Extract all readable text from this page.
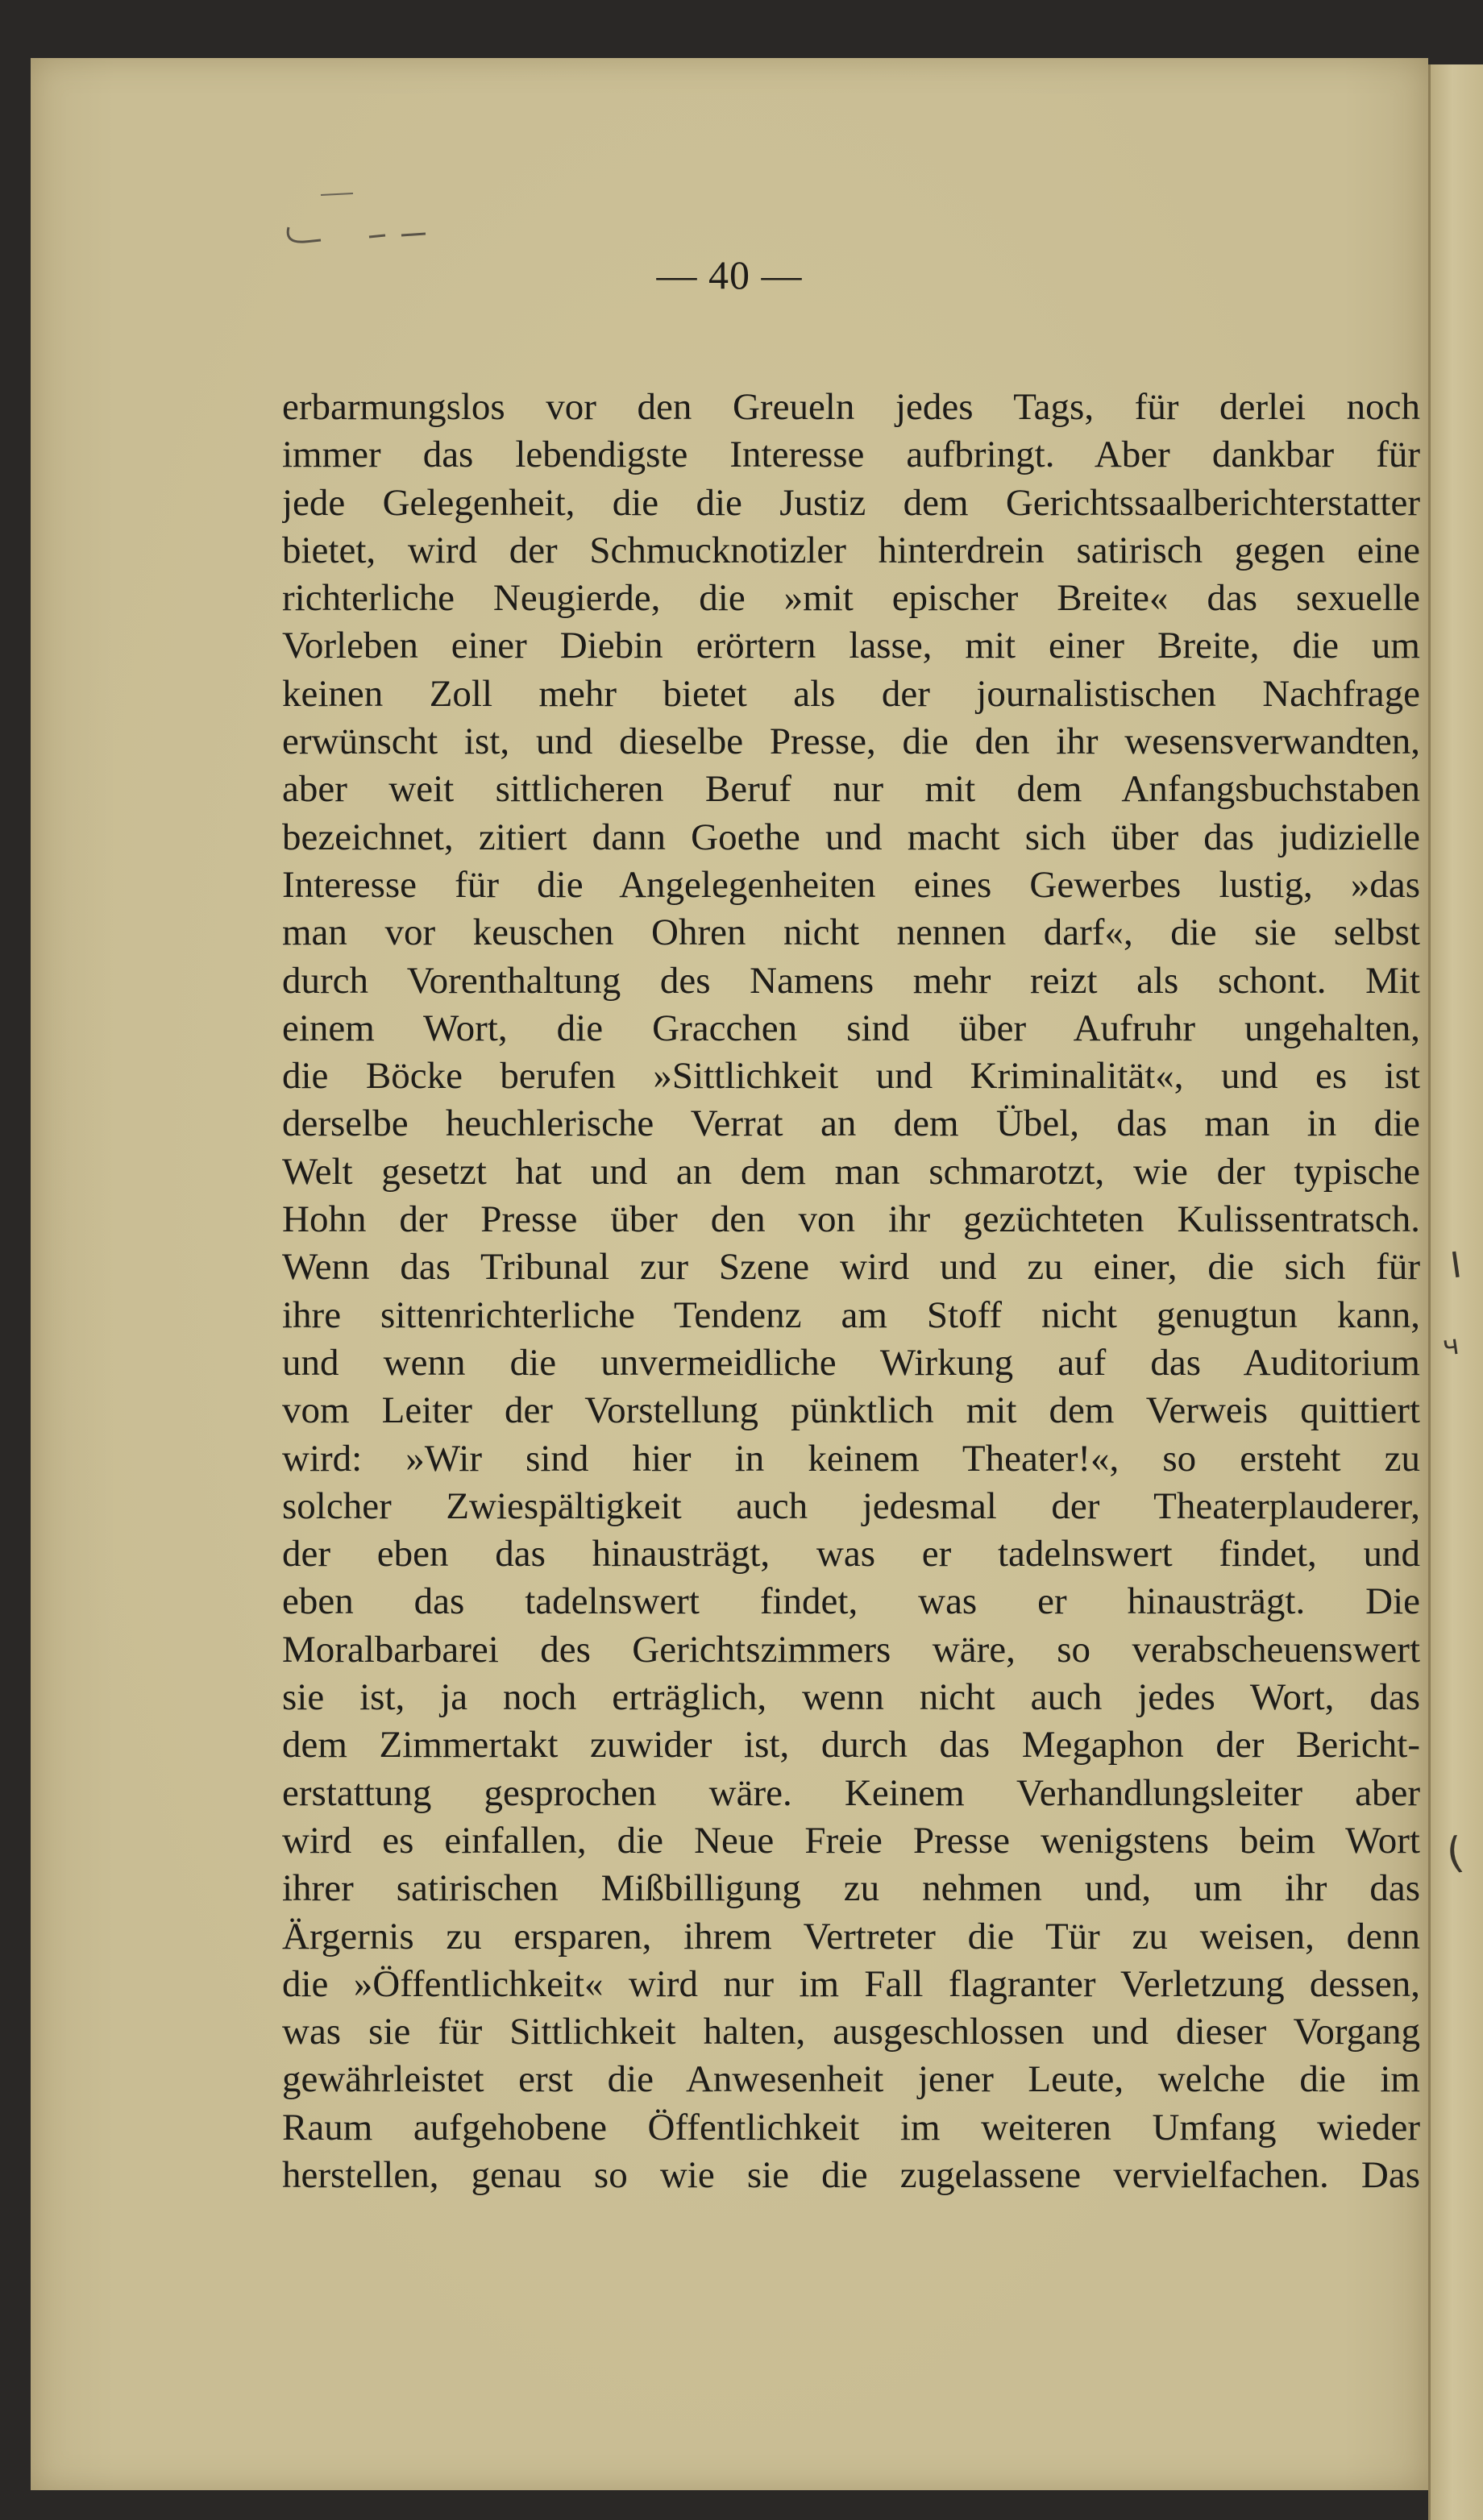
— 40 —
erbarmungslos vor den Greueln jedes Tags, für derlei noch
immer das lebendigste Interesse aufbringt. Aber dankbar für
jede Gelegenheit, die die Justiz dem Gerichtssaalberichterstatter
bietet, wird der Schmucknotizler hinterdrein satirisch gegen eine
richterliche Neugierde, die »mit epischer Breite« das sexuelle
Vorleben einer Diebin erörtern lasse, mit einer Breite, die um
keinen Zoll mehr bietet als der journalistischen Nachfrage
erwünscht ist, und dieselbe Presse, die den ihr wesensverwandten,
aber weit sittlicheren Beruf nur mit dem Anfangsbuchstaben
bezeichnet, zitiert dann Goethe und macht sich über das judizielle
Interesse für die Angelegenheiten eines Gewerbes lustig, »das
man vor keuschen Ohren nicht nennen darf«, die sie selbst
durch Vorenthaltung des Namens mehr reizt als schont. Mit
einem Wort, die Gracchen sind über Aufruhr ungehalten,
die Böcke berufen »Sittlichkeit und Kriminalität«, und es ist
derselbe heuchlerische Verrat an dem Übel, das man in die
Welt gesetzt hat und an dem man schmarotzt, wie der typische
Hohn der Presse über den von ihr gezüchteten Kulissentratsch.
Wenn das Tribunal zur Szene wird und zu einer, die sich für
ihre sittenrichterliche Tendenz am Stoff nicht genugtun kann,
und wenn die unvermeidliche Wirkung auf das Auditorium
vom Leiter der Vorstellung pünktlich mit dem Verweis quittiert
wird: »Wir sind hier in keinem Theater!«, so ersteht zu
solcher Zwiespältigkeit auch jedesmal der Theaterplauderer,
der eben das hinausträgt, was er tadelnswert findet, und
eben das tadelnswert findet, was er hinausträgt. Die
Moralbarbarei des Gerichtszimmers wäre, so verabscheuenswert
sie ist, ja noch erträglich, wenn nicht auch jedes Wort, das
dem Zimmertakt zuwider ist, durch das Megaphon der Bericht-
erstattung gesprochen wäre. Keinem Verhandlungsleiter aber
wird es einfallen, die Neue Freie Presse wenigstens beim Wort
ihrer satirischen Mißbilligung zu nehmen und, um ihr das
Ärgernis zu ersparen, ihrem Vertreter die Tür zu weisen, denn
die »Öffentlichkeit« wird nur im Fall flagranter Verletzung dessen,
was sie für Sittlichkeit halten, ausgeschlossen und dieser Vorgang
gewährleistet erst die Anwesenheit jener Leute, welche die im
Raum aufgehobene Öffentlichkeit im weiteren Umfang wieder
herstellen, genau so wie sie die zugelassene vervielfachen. Das
I
ч
(
